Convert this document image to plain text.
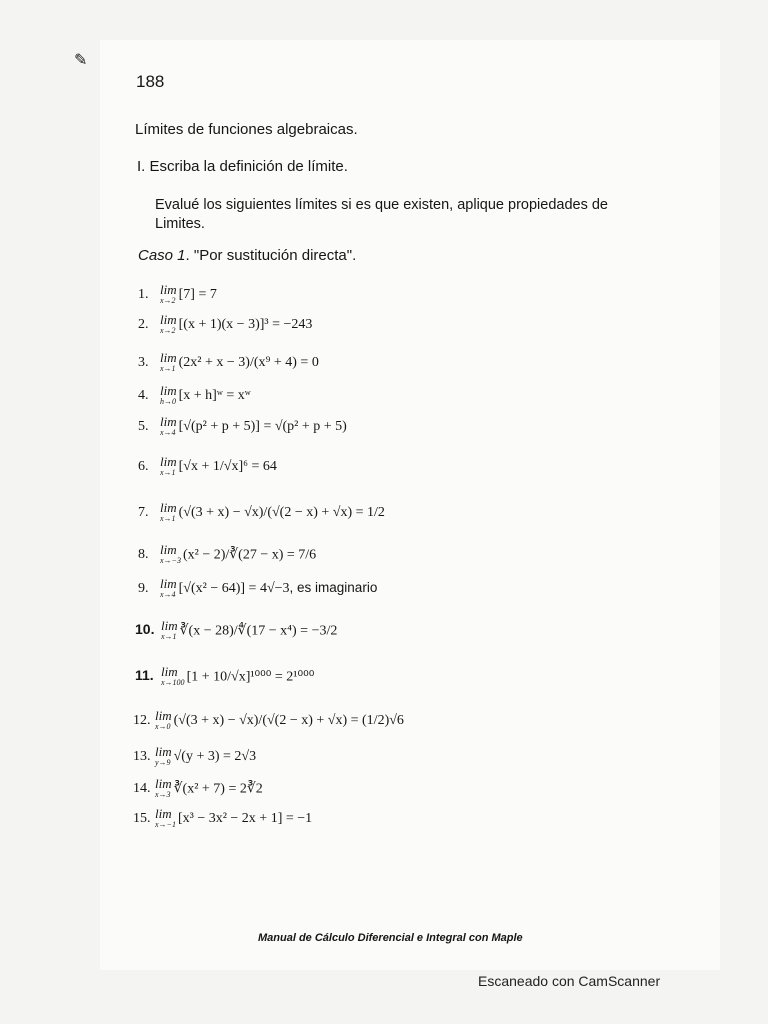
✎
188
Límites de funciones algebraicas.
I. Escriba la definición de límite.
Evalué los siguientes límites si es que existen, aplique propiedades de Limites.
Caso 1. "Por sustitución directa".
1. lim
x→2 [7] = 7
2. lim
x→2 [(x + 1)(x − 3)]³ = −243
3. lim
x→1 (2x² + x − 3)/(x⁹ + 4) = 0
4. lim
h→0 [x + h]ʷ = xʷ
5. lim
x→4 [√(p² + p + 5)] = √(p² + p + 5)
6. lim
x→1 [√x + 1/√x]⁶ = 64
7. lim
x→1 (√(3 + x) − √x)/(√(2 − x) + √x) = 1/2
8. lim
x→−3 (x² − 2)/∛(27 − x) = 7/6
9. lim
x→4 [√(x² − 64)] = 4√−3, es imaginario
10. lim
x→1 ∛(x − 28)/∜(17 − x⁴) = −3/2
11. lim
x→100 [1 + 10/√x]¹⁰⁰⁰ = 2¹⁰⁰⁰
12. lim
x→0 (√(3 + x) − √x)/(√(2 − x) + √x) = (1/2)√6
13. lim
y→9 √(y + 3) = 2√3
14. lim
x→3 ∛(x² + 7) = 2∛2
15. lim
x→−1 [x³ − 3x² − 2x + 1] = −1
Manual de Cálculo Diferencial e Integral con Maple
Escaneado con CamScanner
